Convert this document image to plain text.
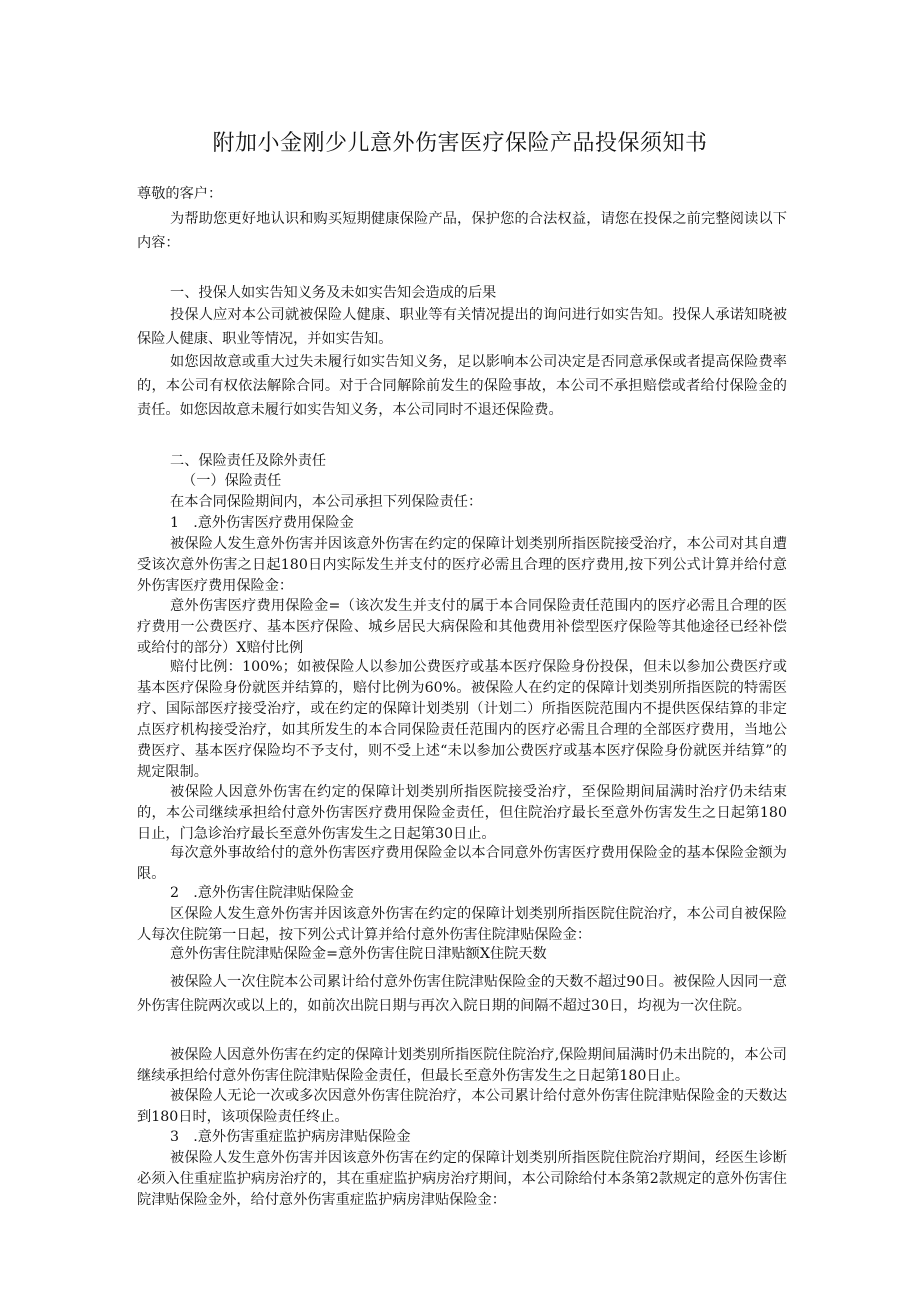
附加小金刚少儿意外伤害医疗保险产品投保须知书

尊敬的客户：

为帮助您更好地认识和购买短期健康保险产品，保护您的合法权益，请您在投保之前完整阅读以下内容：

一、投保人如实告知义务及未如实告知会造成的后果

投保人应对本公司就被保险人健康、职业等有关情况提出的询问进行如实告知。投保人承诺知晓被保险人健康、职业等情况，并如实告知。

如您因故意或重大过失未履行如实告知义务，足以影响本公司决定是否同意承保或者提高保险费率的，本公司有权依法解除合同。对于合同解除前发生的保险事故，本公司不承担赔偿或者给付保险金的责任。如您因故意未履行如实告知义务，本公司同时不退还保险费。

二、保险责任及除外责任

（一）保险责任

在本合同保险期间内，本公司承担下列保险责任：

1　.意外伤害医疗费用保险金

被保险人发生意外伤害并因该意外伤害在约定的保障计划类别所指医院接受治疗，本公司对其自遭受该次意外伤害之日起180日内实际发生并支付的医疗必需且合理的医疗费用,按下列公式计算并给付意外伤害医疗费用保险金：

意外伤害医疗费用保险金=（该次发生并支付的属于本合同保险责任范围内的医疗必需且合理的医疗费用一公费医疗、基本医疗保险、城乡居民大病保险和其他费用补偿型医疗保险等其他途径已经补偿或给付的部分）X赔付比例

赔付比例：100%；如被保险人以参加公费医疗或基本医疗保险身份投保，但未以参加公费医疗或基本医疗保险身份就医并结算的，赔付比例为60%。被保险人在约定的保障计划类别所指医院的特需医疗、国际部医疗接受治疗，或在约定的保障计划类别（计划二）所指医院范围内不提供医保结算的非定点医疗机构接受治疗，如其所发生的本合同保险责任范围内的医疗必需且合理的全部医疗费用，当地公费医疗、基本医疗保险均不予支付，则不受上述“未以参加公费医疗或基本医疗保险身份就医并结算”的规定限制。

被保险人因意外伤害在约定的保障计划类别所指医院接受治疗，至保险期间届满时治疗仍未结束的，本公司继续承担给付意外伤害医疗费用保险金责任，但住院治疗最长至意外伤害发生之日起第180日止，门急诊治疗最长至意外伤害发生之日起第30日止。

每次意外事故给付的意外伤害医疗费用保险金以本合同意外伤害医疗费用保险金的基本保险金额为限。

2　.意外伤害住院津贴保险金

区保险人发生意外伤害并因该意外伤害在约定的保障计划类别所指医院住院治疗，本公司自被保险人每次住院第一日起，按下列公式计算并给付意外伤害住院津贴保险金：

意外伤害住院津贴保险金=意外伤害住院日津贴额X住院天数

被保险人一次住院本公司累计给付意外伤害住院津贴保险金的天数不超过90日。被保险人因同一意外伤害住院两次或以上的，如前次出院日期与再次入院日期的间隔不超过30日，均视为一次住院。

被保险人因意外伤害在约定的保障计划类别所指医院住院治疗,保险期间届满时仍未出院的，本公司继续承担给付意外伤害住院津贴保险金责任，但最长至意外伤害发生之日起第180日止。

被保险人无论一次或多次因意外伤害住院治疗，本公司累计给付意外伤害住院津贴保险金的天数达到180日时，该项保险责任终止。

3　.意外伤害重症监护病房津贴保险金

被保险人发生意外伤害并因该意外伤害在约定的保障计划类别所指医院住院治疗期间，经医生诊断必须入住重症监护病房治疗的，其在重症监护病房治疗期间，本公司除给付本条第2款规定的意外伤害住院津贴保险金外，给付意外伤害重症监护病房津贴保险金：
